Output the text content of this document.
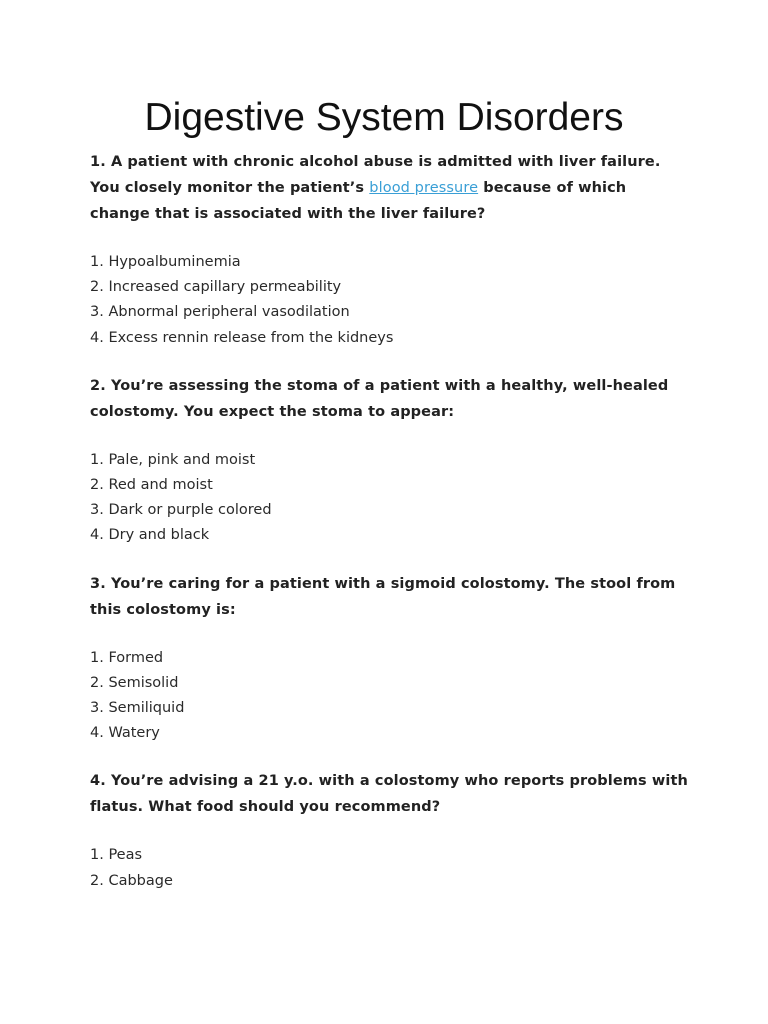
Digestive System Disorders

1. A patient with chronic alcohol abuse is admitted with liver failure. You closely monitor the patient’s blood pressure because of which change that is associated with the liver failure?

1. Hypoalbuminemia
2. Increased capillary permeability
3. Abnormal peripheral vasodilation
4. Excess rennin release from the kidneys

2. You’re assessing the stoma of a patient with a healthy, well-healed colostomy. You expect the stoma to appear:

1. Pale, pink and moist
2. Red and moist
3. Dark or purple colored
4. Dry and black

3. You’re caring for a patient with a sigmoid colostomy. The stool from this colostomy is:

1. Formed
2. Semisolid
3. Semiliquid
4. Watery

4. You’re advising a 21 y.o. with a colostomy who reports problems with flatus. What food should you recommend?

1. Peas
2. Cabbage
